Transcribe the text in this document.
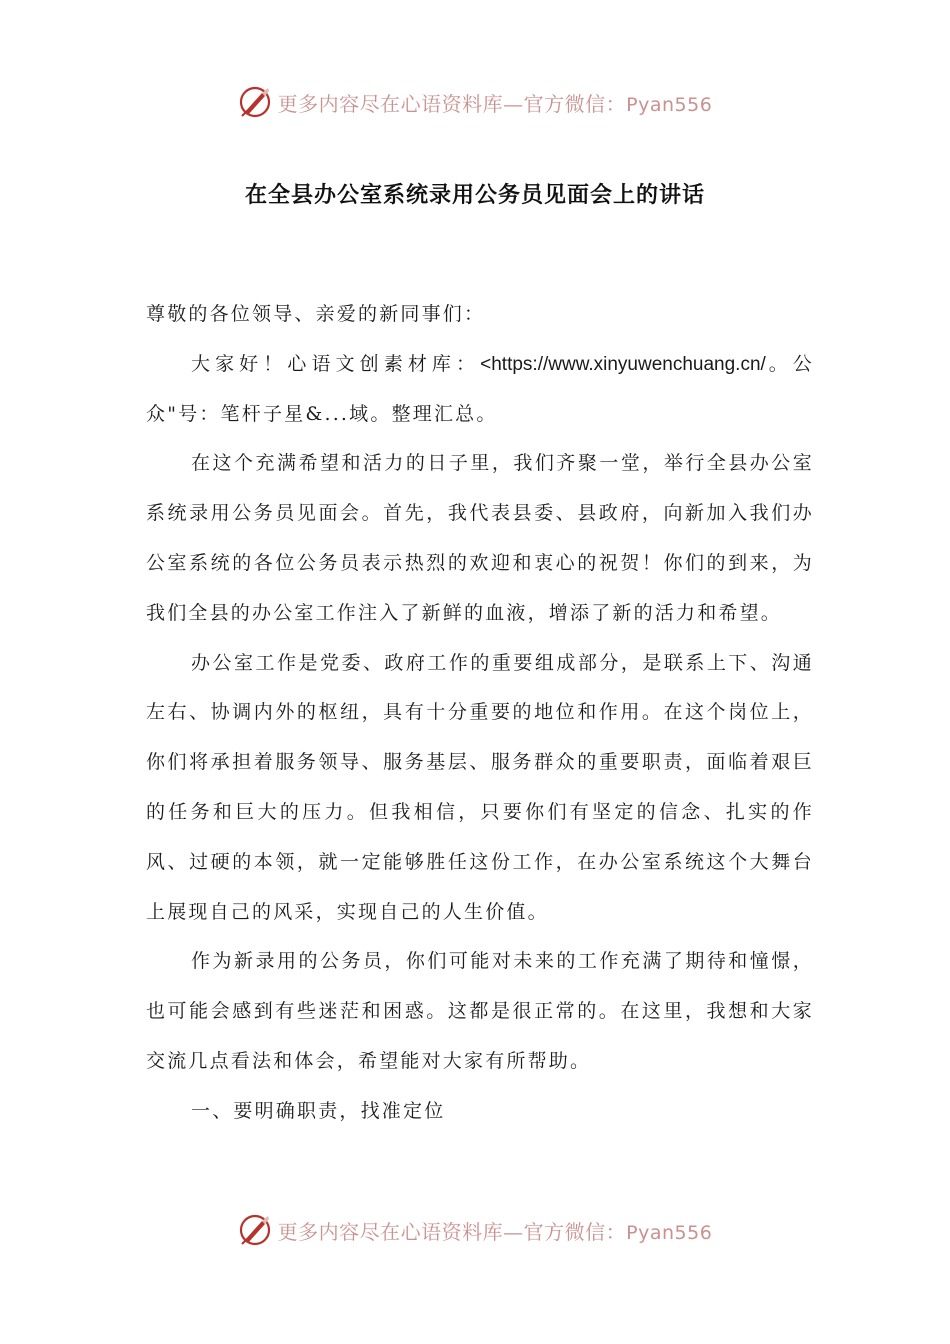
更多内容尽在心语资料库—官方微信：Pyan556
在全县办公室系统录用公务员见面会上的讲话

尊敬的各位领导、亲爱的新同事们：

大家好！心语文创素材库：<https://www.xinyuwenchuang.cn/。公众"号：笔杆子星&...域。整理汇总。

在这个充满希望和活力的日子里，我们齐聚一堂，举行全县办公室系统录用公务员见面会。首先，我代表县委、县政府，向新加入我们办公室系统的各位公务员表示热烈的欢迎和衷心的祝贺！你们的到来，为我们全县的办公室工作注入了新鲜的血液，增添了新的活力和希望。

办公室工作是党委、政府工作的重要组成部分，是联系上下、沟通左右、协调内外的枢纽，具有十分重要的地位和作用。在这个岗位上，你们将承担着服务领导、服务基层、服务群众的重要职责，面临着艰巨的任务和巨大的压力。但我相信，只要你们有坚定的信念、扎实的作风、过硬的本领，就一定能够胜任这份工作，在办公室系统这个大舞台上展现自己的风采，实现自己的人生价值。

作为新录用的公务员，你们可能对未来的工作充满了期待和憧憬，也可能会感到有些迷茫和困惑。这都是很正常的。在这里，我想和大家交流几点看法和体会，希望能对大家有所帮助。

一、要明确职责，找准定位

更多内容尽在心语资料库—官方微信：Pyan556
